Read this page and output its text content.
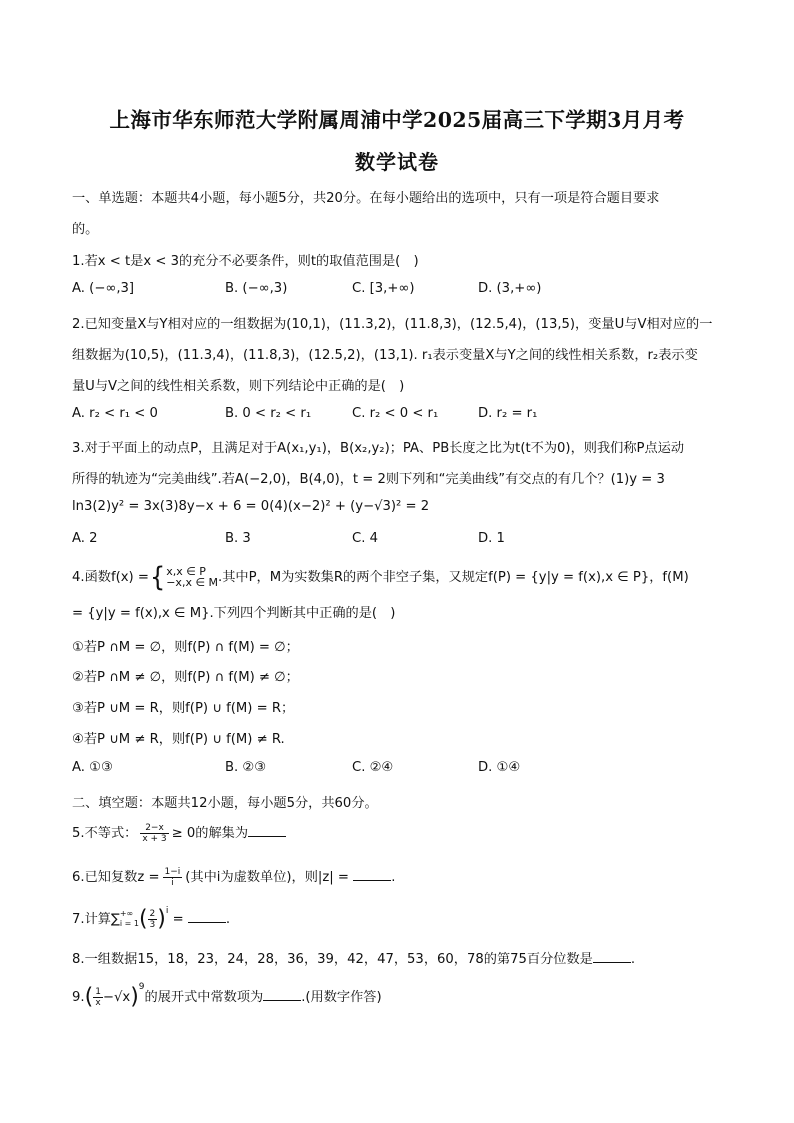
上海市华东师范大学附属周浦中学2025届高三下学期3月月考
数学试卷
一、单选题：本题共4小题，每小题5分，共20分。在每小题给出的选项中，只有一项是符合题目要求
的。
1.若x < t是x < 3的充分不必要条件，则t的取值范围是(　)
A. (−∞,3]	B. (−∞,3)	C. [3,+∞)	D. (3,+∞)
2.已知变量X与Y相对应的一组数据为(10,1)，(11.3,2)，(11.8,3)，(12.5,4)，(13,5)，变量U与V相对应的一
组数据为(10,5)，(11.3,4)，(11.8,3)，(12.5,2)，(13,1). r₁表示变量X与Y之间的线性相关系数，r₂表示变
量U与V之间的线性相关系数，则下列结论中正确的是(　)
A. r₂ < r₁ < 0	B. 0 < r₂ < r₁	C. r₂ < 0 < r₁	D. r₂ = r₁
3.对于平面上的动点P，且满足对于A(x₁,y₁)，B(x₂,y₂)；PA、PB长度之比为t(t不为0)，则我们称P点运动
所得的轨迹为“完美曲线”.若A(−2,0)，B(4,0)，t = 2则下列和“完美曲线”有交点的有几个？(1)y = 3
ln3(2)y² = 3x(3)8y−x + 6 = 0(4)(x−2)² + (y−√3)² = 2
A. 2	B. 3	C. 4	D. 1
4.函数f(x) ={ x,x ∈ P
−x,x ∈ M .其中P，M为实数集R的两个非空子集，又规定f(P) = {y|y = f(x),x ∈ P}，f(M)
= {y|y = f(x),x ∈ M}.下列四个判断其中正确的是(　)
①若P ∩M = ∅，则f(P) ∩ f(M) = ∅；
②若P ∩M ≠ ∅，则f(P) ∩ f(M) ≠ ∅；
③若P ∪M = R，则f(P) ∪ f(M) = R；
④若P ∪M ≠ R，则f(P) ∪ f(M) ≠ R.
A. ①③	B. ②③	C. ②④	D. ①④
二、填空题：本题共12小题，每小题5分，共60分。
5.不等式： $\frac{2-x}{x + 3} \ge 0$的解集为
6.已知复数$z = \frac{1-i}{i}$ (其中i为虚数单位)，则|z| =	.
7.计算∑ +∞
i = 1 ( $\frac{2}{3} )^i$ =	.
8.一组数据15，18，23，24，28，36，39，42，47，53，60，78的第75百分位数是	.
$9.( \frac{1}{x} -√x)^9$的展开式中常数项为	.(用数字作答)
